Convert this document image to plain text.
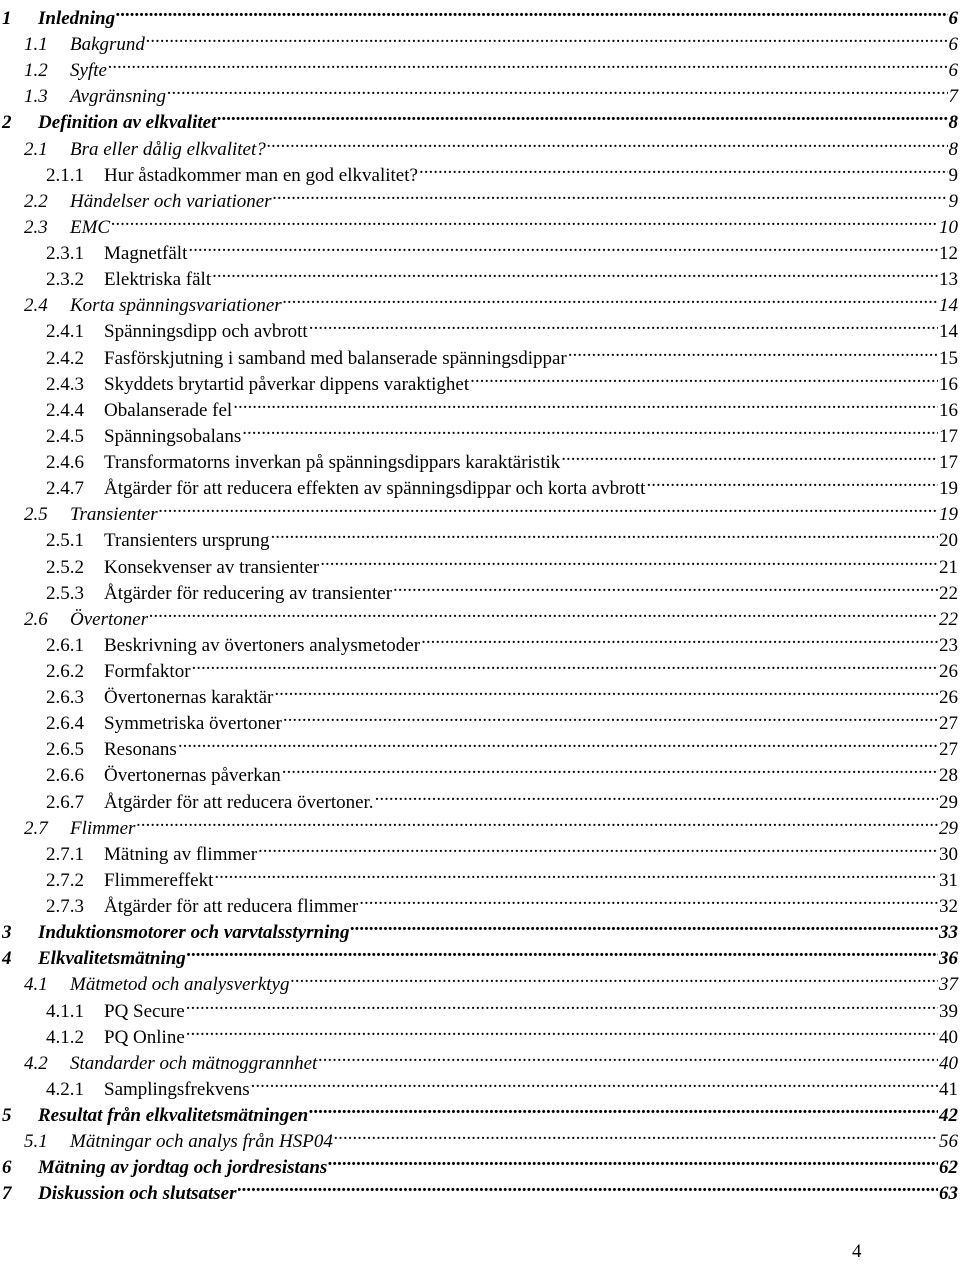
1	Inledning .....	6
1.1	Bakgrund .....	6
1.2	Syfte .....	6
1.3	Avgränsning .....	7
2	Definition av elkvalitet .....	8
2.1	Bra eller dålig elkvalitet? .....	8
2.1.1	Hur åstadkommer man en god elkvalitet? .....	9
2.2	Händelser och variationer .....	9
2.3	EMC .....	10
2.3.1	Magnetfält .....	12
2.3.2	Elektriska fält .....	13
2.4	Korta spänningsvariationer .....	14
2.4.1	Spänningsdipp och avbrott .....	14
2.4.2	Fasförskjutning i samband med balanserade spänningsdippar .....	15
2.4.3	Skyddets brytartid påverkar dippens varaktighet .....	16
2.4.4	Obalanserade fel .....	16
2.4.5	Spänningsobalans .....	17
2.4.6	Transformatorns inverkan på spänningsdippars karaktäristik .....	17
2.4.7	Åtgärder för att reducera effekten av spänningsdippar och korta avbrott .....	19
2.5	Transienter .....	19
2.5.1	Transienters ursprung .....	20
2.5.2	Konsekvenser av transienter .....	21
2.5.3	Åtgärder för reducering av transienter .....	22
2.6	Övertoner .....	22
2.6.1	Beskrivning av övertoners analysmetoder .....	23
2.6.2	Formfaktor .....	26
2.6.3	Övertonernas karaktär .....	26
2.6.4	Symmetriska övertoner .....	27
2.6.5	Resonans .....	27
2.6.6	Övertonernas påverkan .....	28
2.6.7	Åtgärder för att reducera övertoner. .....	29
2.7	Flimmer .....	29
2.7.1	Mätning av flimmer .....	30
2.7.2	Flimmereffekt .....	31
2.7.3	Åtgärder för att reducera flimmer .....	32
3	Induktionsmotorer och varvtalsstyrning .....	33
4	Elkvalitetsmätning .....	36
4.1	Mätmetod och analysverktyg .....	37
4.1.1	PQ Secure .....	39
4.1.2	PQ Online .....	40
4.2	Standarder och mätnoggrannhet .....	40
4.2.1	Samplingsfrekvens .....	41
5	Resultat från elkvalitetsmätningen .....	42
5.1	Mätningar och analys från HSP04 .....	56
6	Mätning av jordtag och jordresistans .....	62
7	Diskussion och slutsatser .....	63
4
